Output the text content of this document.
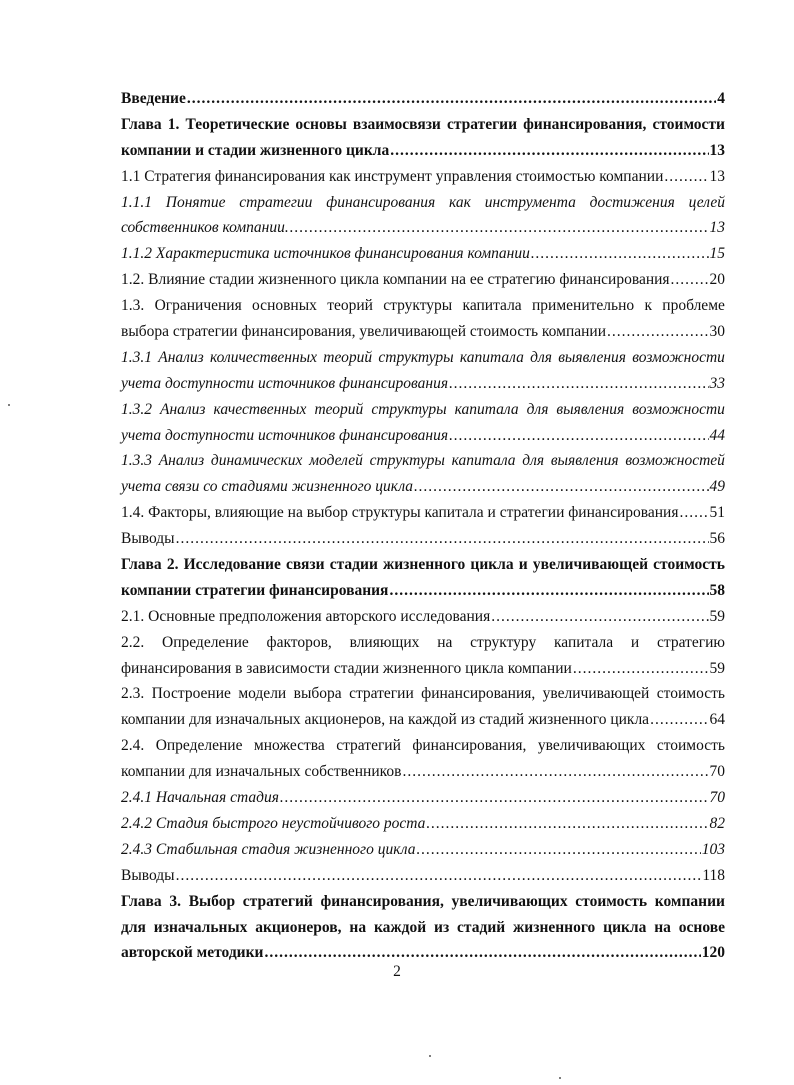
Введение .....	4
Глава 1. Теоретические основы взаимосвязи стратегии финансирования, стоимости
компании и стадии жизненного цикла .....	13
1.1 Стратегия финансирования как инструмент управления стоимостью компании .....	13
1.1.1 Понятие стратегии финансирования как инструмента достижения целей
собственников компании. .....	13
1.1.2 Характеристика источников финансирования компании .....	15
1.2. Влияние стадии жизненного цикла компании на ее стратегию финансирования .....	20
1.3. Ограничения основных теорий структуры капитала применительно к проблеме
выбора стратегии финансирования, увеличивающей стоимость компании .....	30
1.3.1 Анализ количественных теорий структуры капитала для выявления возможности
учета доступности источников финансирования .....	33
1.3.2 Анализ качественных теорий структуры капитала для выявления возможности
учета доступности источников финансирования .....	44
1.3.3 Анализ динамических моделей структуры капитала для выявления возможностей
учета связи со стадиями жизненного цикла .....	49
1.4. Факторы, влияющие на выбор структуры капитала и стратегии финансирования ..... 51
Выводы .....	56
Глава 2. Исследование связи стадии жизненного цикла и увеличивающей стоимость
компании стратегии финансирования .....	58
2.1. Основные предположения авторского исследования .....	59
2.2. Определение факторов, влияющих на структуру капитала и стратегию
финансирования в зависимости стадии жизненного цикла компании .....	59
2.3. Построение модели выбора стратегии финансирования, увеличивающей стоимость
компании для изначальных акционеров, на каждой из стадий жизненного цикла .....	64
2.4. Определение множества стратегий финансирования, увеличивающих стоимость
компании для изначальных собственников .....	70
2.4.1 Начальная стадия .....	70
2.4.2 Стадия быстрого неустойчивого роста .....	82
2.4.3 Стабильная стадия жизненного цикла .....	103
Выводы .....	118
Глава 3. Выбор стратегий финансирования, увеличивающих стоимость компании
для изначальных акционеров, на каждой из стадий жизненного цикла на основе
авторской методики .....	120
2
